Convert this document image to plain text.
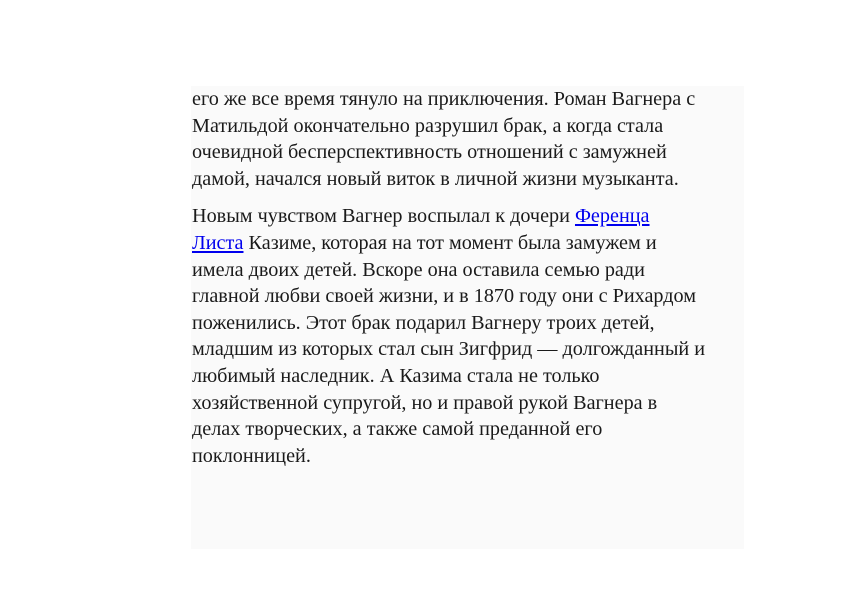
его же все время тянуло на приключения. Роман Вагнера с
Матильдой окончательно разрушил брак, а когда стала
очевидной бесперспективность отношений с замужней
дамой, начался новый виток в личной жизни музыканта.

Новым чувством Вагнер воспылал к дочери Ференца
Листа Казиме, которая на тот момент была замужем и
имела двоих детей. Вскоре она оставила семью ради
главной любви своей жизни, и в 1870 году они с Рихардом
поженились. Этот брак подарил Вагнеру троих детей,
младшим из которых стал сын Зигфрид — долгожданный и
любимый наследник. А Казима стала не только
хозяйственной супругой, но и правой рукой Вагнера в
делах творческих, а также самой преданной его
поклонницей.
